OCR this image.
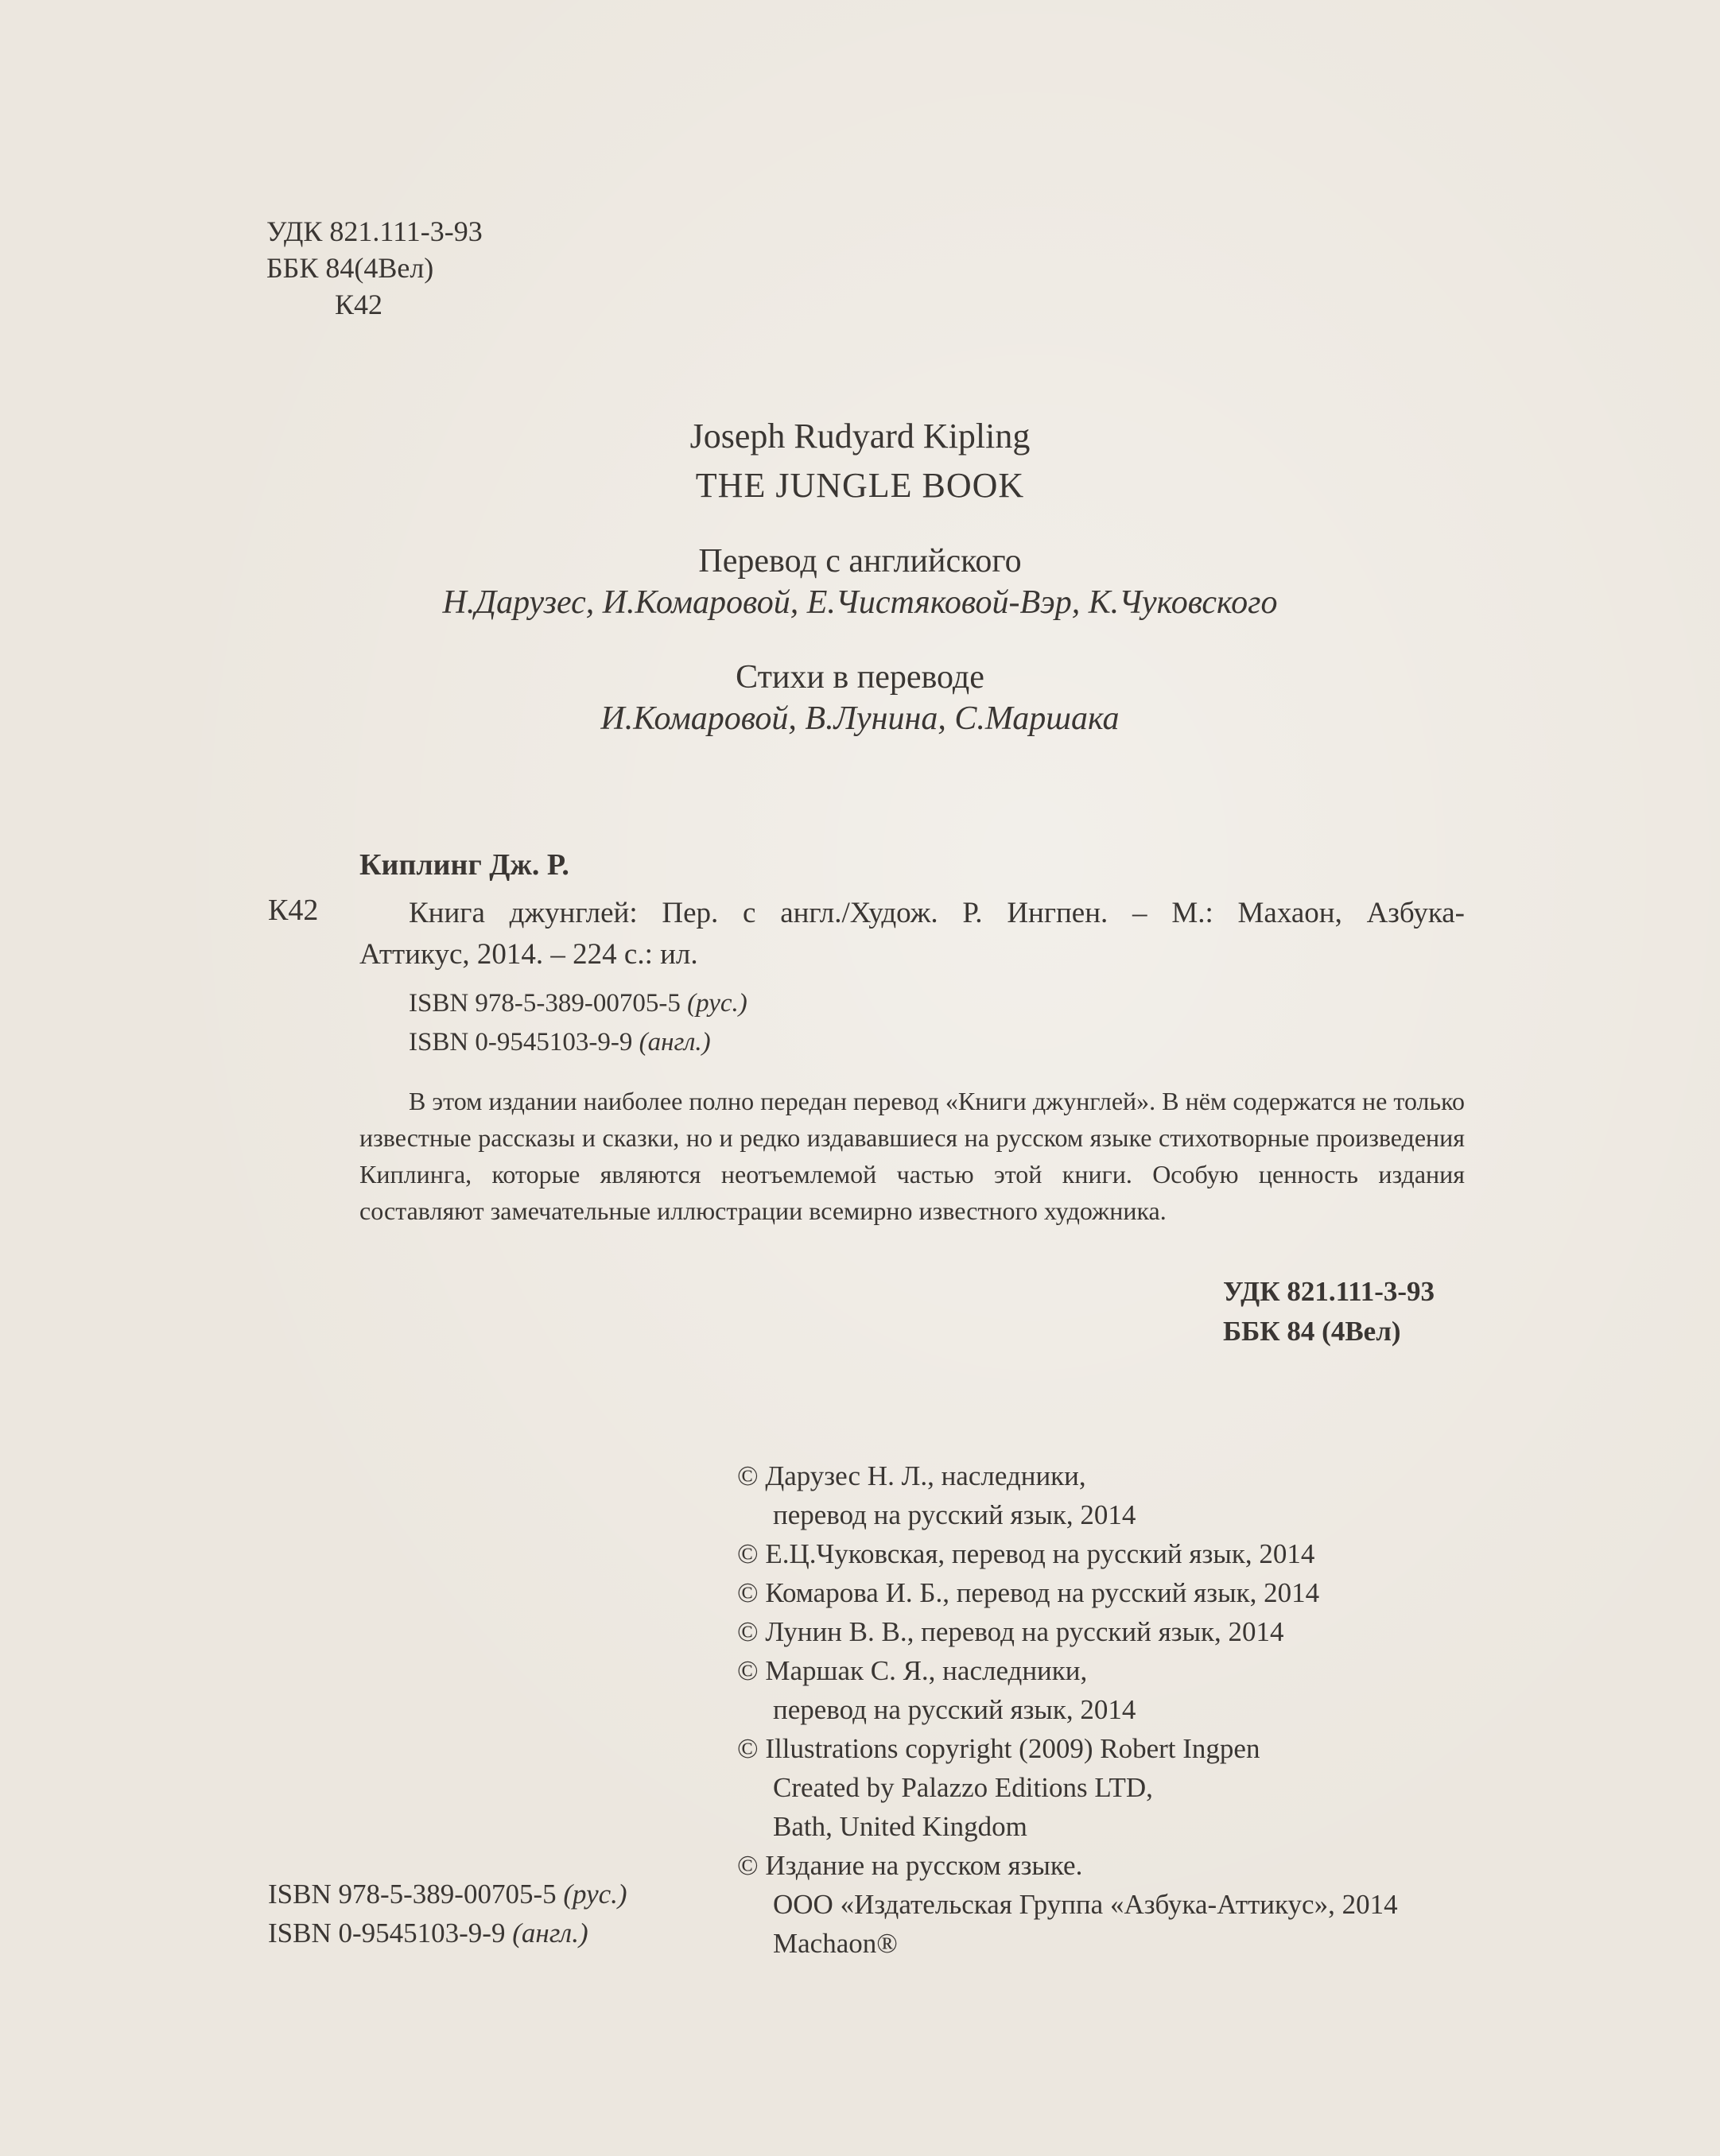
УДК 821.111-3-93
ББК 84(4Вел)
К42
Joseph Rudyard Kipling
THE JUNGLE BOOK
Перевод с английского
Н.Дарузес, И.Комаровой, Е.Чистяковой-Вэр, К.Чуковского
Стихи в переводе
И.Комаровой, В.Лунина, С.Маршака
Киплинг Дж. Р.
К42	Книга джунглей: Пер. с англ./Худож. Р. Ингпен. – М.: Махаон, Азбука-
Аттикус, 2014. – 224 с.: ил.
ISBN 978-5-389-00705-5 (рус.)
ISBN 0-9545103-9-9 (англ.)
В этом издании наиболее полно передан перевод «Книги джунглей». В нём содержатся не только известные рассказы и сказки, но и редко издававшиеся на русском языке стихотворные произведения Киплинга, которые являются неотъемлемой частью этой книги. Особую ценность издания составляют замечательные иллюстрации всемирно известного художника.
УДК 821.111-3-93
ББК 84 (4Вел)
© Дарузес Н. Л., наследники,
перевод на русский язык, 2014
© Е.Ц.Чуковская, перевод на русский язык, 2014
© Комарова И. Б., перевод на русский язык, 2014
© Лунин В. В., перевод на русский язык, 2014
© Маршак С. Я., наследники,
перевод на русский язык, 2014
© Illustrations copyright (2009) Robert Ingpen
Created by Palazzo Editions LTD,
Bath, United Kingdom
© Издание на русском языке.
ООО «Издательская Группа «Азбука-Аттикус», 2014
Machaon®
ISBN 978-5-389-00705-5 (рус.)
ISBN 0-9545103-9-9 (англ.)
